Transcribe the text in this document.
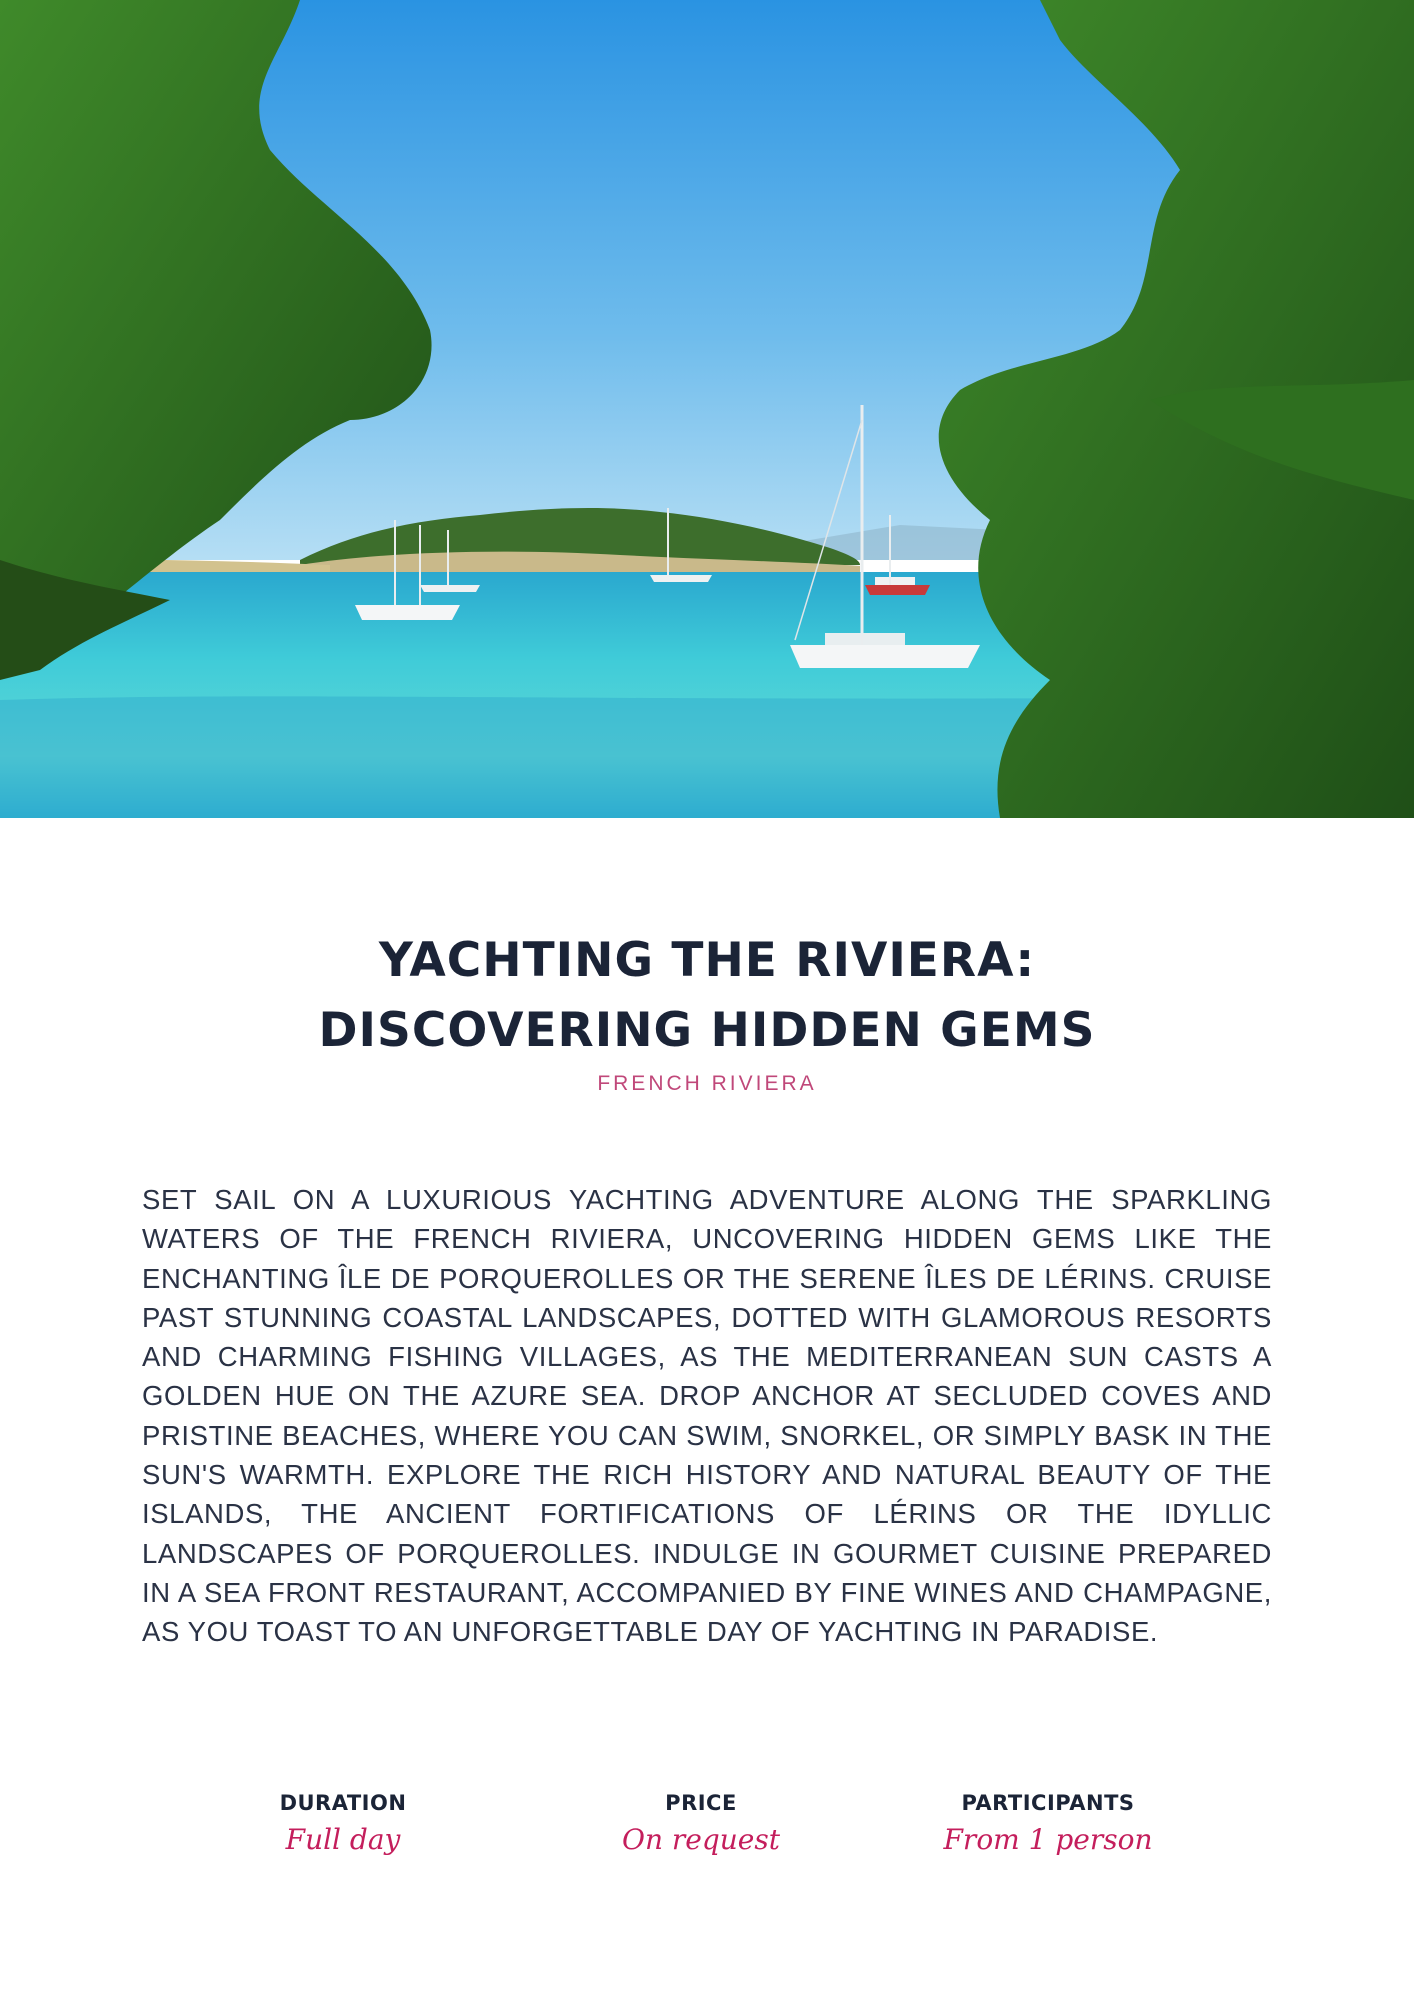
YACHTING THE RIVIERA:
DISCOVERING HIDDEN GEMS
FRENCH RIVIERA

SET SAIL ON A LUXURIOUS YACHTING ADVENTURE ALONG THE SPARKLING WATERS OF THE FRENCH RIVIERA, UNCOVERING HIDDEN GEMS LIKE THE ENCHANTING ÎLE DE PORQUEROLLES OR THE SERENE ÎLES DE LÉRINS. CRUISE PAST STUNNING COASTAL LANDSCAPES, DOTTED WITH GLAMOROUS RESORTS AND CHARMING FISHING VILLAGES, AS THE MEDITERRANEAN SUN CASTS A GOLDEN HUE ON THE AZURE SEA. DROP ANCHOR AT SECLUDED COVES AND PRISTINE BEACHES, WHERE YOU CAN SWIM, SNORKEL, OR SIMPLY BASK IN THE SUN'S WARMTH. EXPLORE THE RICH HISTORY AND NATURAL BEAUTY OF THE ISLANDS, THE ANCIENT FORTIFICATIONS OF LÉRINS OR THE IDYLLIC LANDSCAPES OF PORQUEROLLES. INDULGE IN GOURMET CUISINE PREPARED IN A SEA FRONT RESTAURANT, ACCOMPANIED BY FINE WINES AND CHAMPAGNE, AS YOU TOAST TO AN UNFORGETTABLE DAY OF YACHTING IN PARADISE.

DURATION
Full day
PRICE
On request
PARTICIPANTS
From 1 person
